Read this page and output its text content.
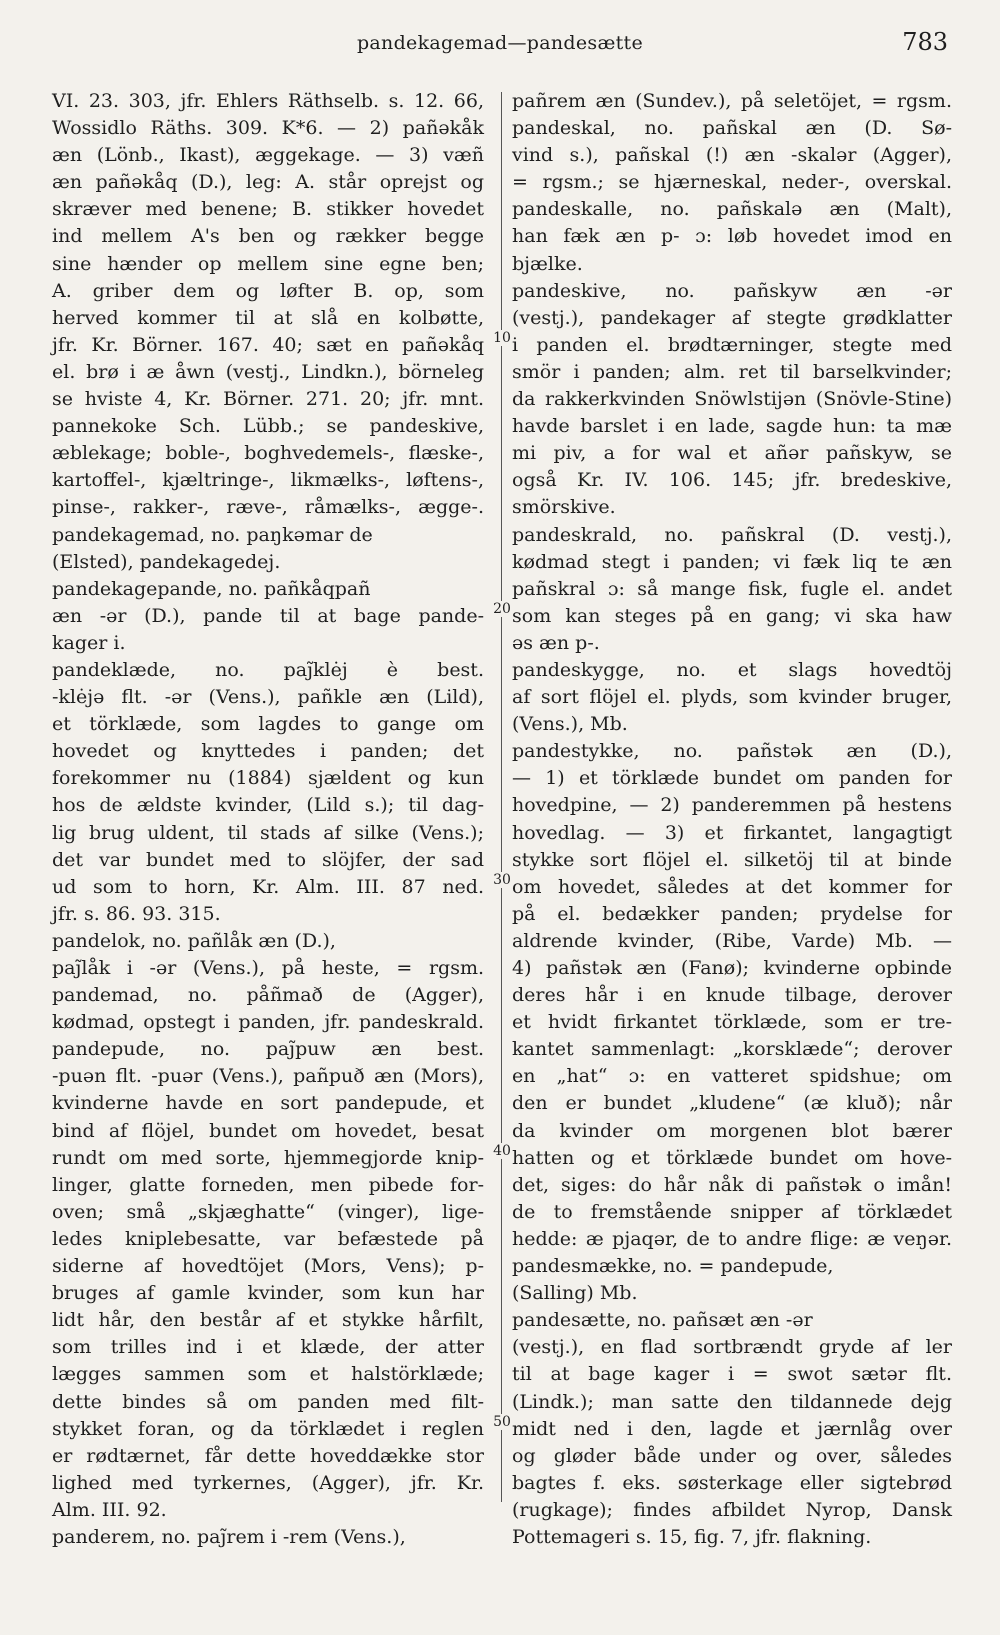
pandekagemad—pandesætte	783
10
20
30
40
50
VI. 23. 303, jfr. Ehlers Räthselb. s. 12. 66,
Wossidlo Räths. 309. K*6. — 2) pañəkåk
æn (Lönb., Ikast), æggekage. — 3) væñ
æn pañəkåq (D.), leg: A. står oprejst og
skræver med benene; B. stikker hovedet
ind mellem A's ben og rækker begge
sine hænder op mellem sine egne ben;
A. griber dem og løfter B. op, som
herved kommer til at slå en kolbøtte,
jfr. Kr. Börner. 167. 40; sæt en pañəkåq
el. brø i æ åwn (vestj., Lindkn.), börneleg
se hviste 4, Kr. Börner. 271. 20; jfr. mnt.
pannekoke Sch. Lübb.; se pandeskive,
æblekage; boble-, boghvedemels-, flæske-,
kartoffel-, kjæltringe-, likmælks-, løftens-,
pinse-, rakker-, ræve-, råmælks-, ægge-.
pandekagemad, no. paŋkəmar de
(Elsted), pandekagedej.
pandekagepande, no. pañkåqpañ
æn -ər (D.), pande til at bage pande-
kager i.
pandeklæde, no. paj̃klėj è best.
-klėjə flt. -ər (Vens.), pañkle æn (Lild),
et törklæde, som lagdes to gange om
hovedet og knyttedes i panden; det
forekommer nu (1884) sjældent og kun
hos de ældste kvinder, (Lild s.); til dag-
lig brug uldent, til stads af silke (Vens.);
det var bundet med to slöjfer, der sad
ud som to horn, Kr. Alm. III. 87 ned.
jfr. s. 86. 93. 315.
pandelok, no. pañlåk æn (D.),
paj̃låk i -ər (Vens.), på heste, = rgsm.
pandemad, no. påñmað de (Agger),
kødmad, opstegt i panden, jfr. pandeskrald.
pandepude, no. paj̃puw æn best.
-puən flt. -puər (Vens.), pañpuð æn (Mors),
kvinderne havde en sort pandepude, et
bind af flöjel, bundet om hovedet, besat
rundt om med sorte, hjemmegjorde knip-
linger, glatte forneden, men pibede for-
oven; små „skjæghatte“ (vinger), lige-
ledes kniplebesatte, var befæstede på
siderne af hovedtöjet (Mors, Vens); p-
bruges af gamle kvinder, som kun har
lidt hår, den består af et stykke hårfilt,
som trilles ind i et klæde, der atter
lægges sammen som et halstörklæde;
dette bindes så om panden med filt-
stykket foran, og da törklædet i reglen
er rødtærnet, får dette hoveddække stor
lighed med tyrkernes, (Agger), jfr. Kr.
Alm. III. 92.
panderem, no. paj̃rem i -rem (Vens.),
pañrem æn (Sundev.), på seletöjet, = rgsm.
pandeskal, no. pañskal æn (D. Sø-
vind s.), pañskal (!) æn -skalər (Agger),
= rgsm.; se hjærneskal, neder-, overskal.
pandeskalle, no. pañskalə æn (Malt),
han fæk æn p- ɔ: løb hovedet imod en
bjælke.
pandeskive, no. pañskyw æn -ər
(vestj.), pandekager af stegte grødklatter
i panden el. brødtærninger, stegte med
smör i panden; alm. ret til barselkvinder;
da rakkerkvinden Snöwlstijən (Snövle-Stine)
havde barslet i en lade, sagde hun: ta mæ
mi piv, a for wal et añər pañskyw, se
også Kr. IV. 106. 145; jfr. bredeskive,
smörskive.
pandeskrald, no. pañskral (D. vestj.),
kødmad stegt i panden; vi fæk liq te æn
pañskral ɔ: så mange fisk, fugle el. andet
som kan steges på en gang; vi ska haw
əs æn p-.
pandeskygge, no. et slags hovedtöj
af sort flöjel el. plyds, som kvinder bruger,
(Vens.), Mb.
pandestykke, no. pañstək æn (D.),
— 1) et törklæde bundet om panden for
hovedpine, — 2) panderemmen på hestens
hovedlag. — 3) et firkantet, langagtigt
stykke sort flöjel el. silketöj til at binde
om hovedet, således at det kommer for
på el. bedækker panden; prydelse for
aldrende kvinder, (Ribe, Varde) Mb. —
4) pañstək æn (Fanø); kvinderne opbinde
deres hår i en knude tilbage, derover
et hvidt firkantet törklæde, som er tre-
kantet sammenlagt: „korsklæde“; derover
en „hat“ ɔ: en vatteret spidshue; om
den er bundet „kludene“ (æ kluð); når
da kvinder om morgenen blot bærer
hatten og et törklæde bundet om hove-
det, siges: do hår nåk di pañstək o imån!
de to fremstående snipper af törklædet
hedde: æ pjaqər, de to andre flige: æ veŋər.
pandesmække, no. = pandepude,
(Salling) Mb.
pandesætte, no. pañsæt æn -ər
(vestj.), en flad sortbrændt gryde af ler
til at bage kager i = swot sætər flt.
(Lindk.); man satte den tildannede dejg
midt ned i den, lagde et jærnlåg over
og gløder både under og over, således
bagtes f. eks. søsterkage eller sigtebrød
(rugkage); findes afbildet Nyrop, Dansk
Pottemageri s. 15, fig. 7, jfr. flakning.
